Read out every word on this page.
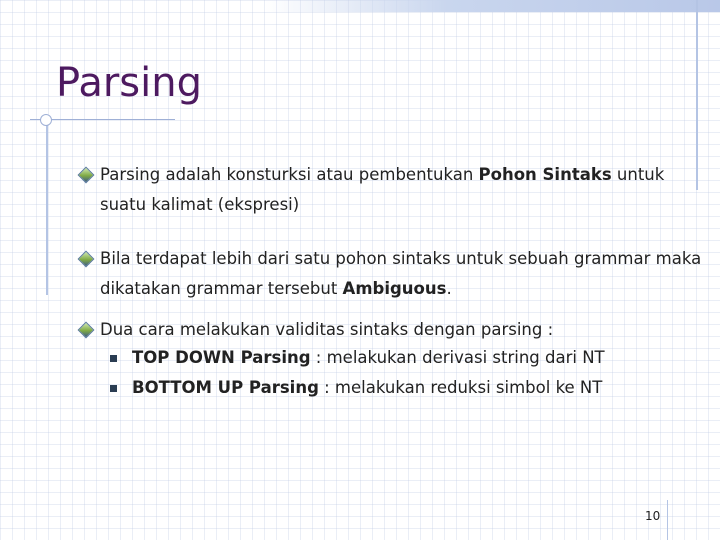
Parsing
Parsing adalah konsturksi atau pembentukan Pohon Sintaks untuk suatu kalimat (ekspresi)
Bila terdapat lebih dari satu pohon sintaks untuk sebuah grammar maka dikatakan grammar tersebut Ambiguous.
Dua cara melakukan validitas sintaks dengan parsing :
TOP DOWN Parsing : melakukan derivasi string dari NT
BOTTOM UP Parsing : melakukan reduksi simbol ke NT
10
